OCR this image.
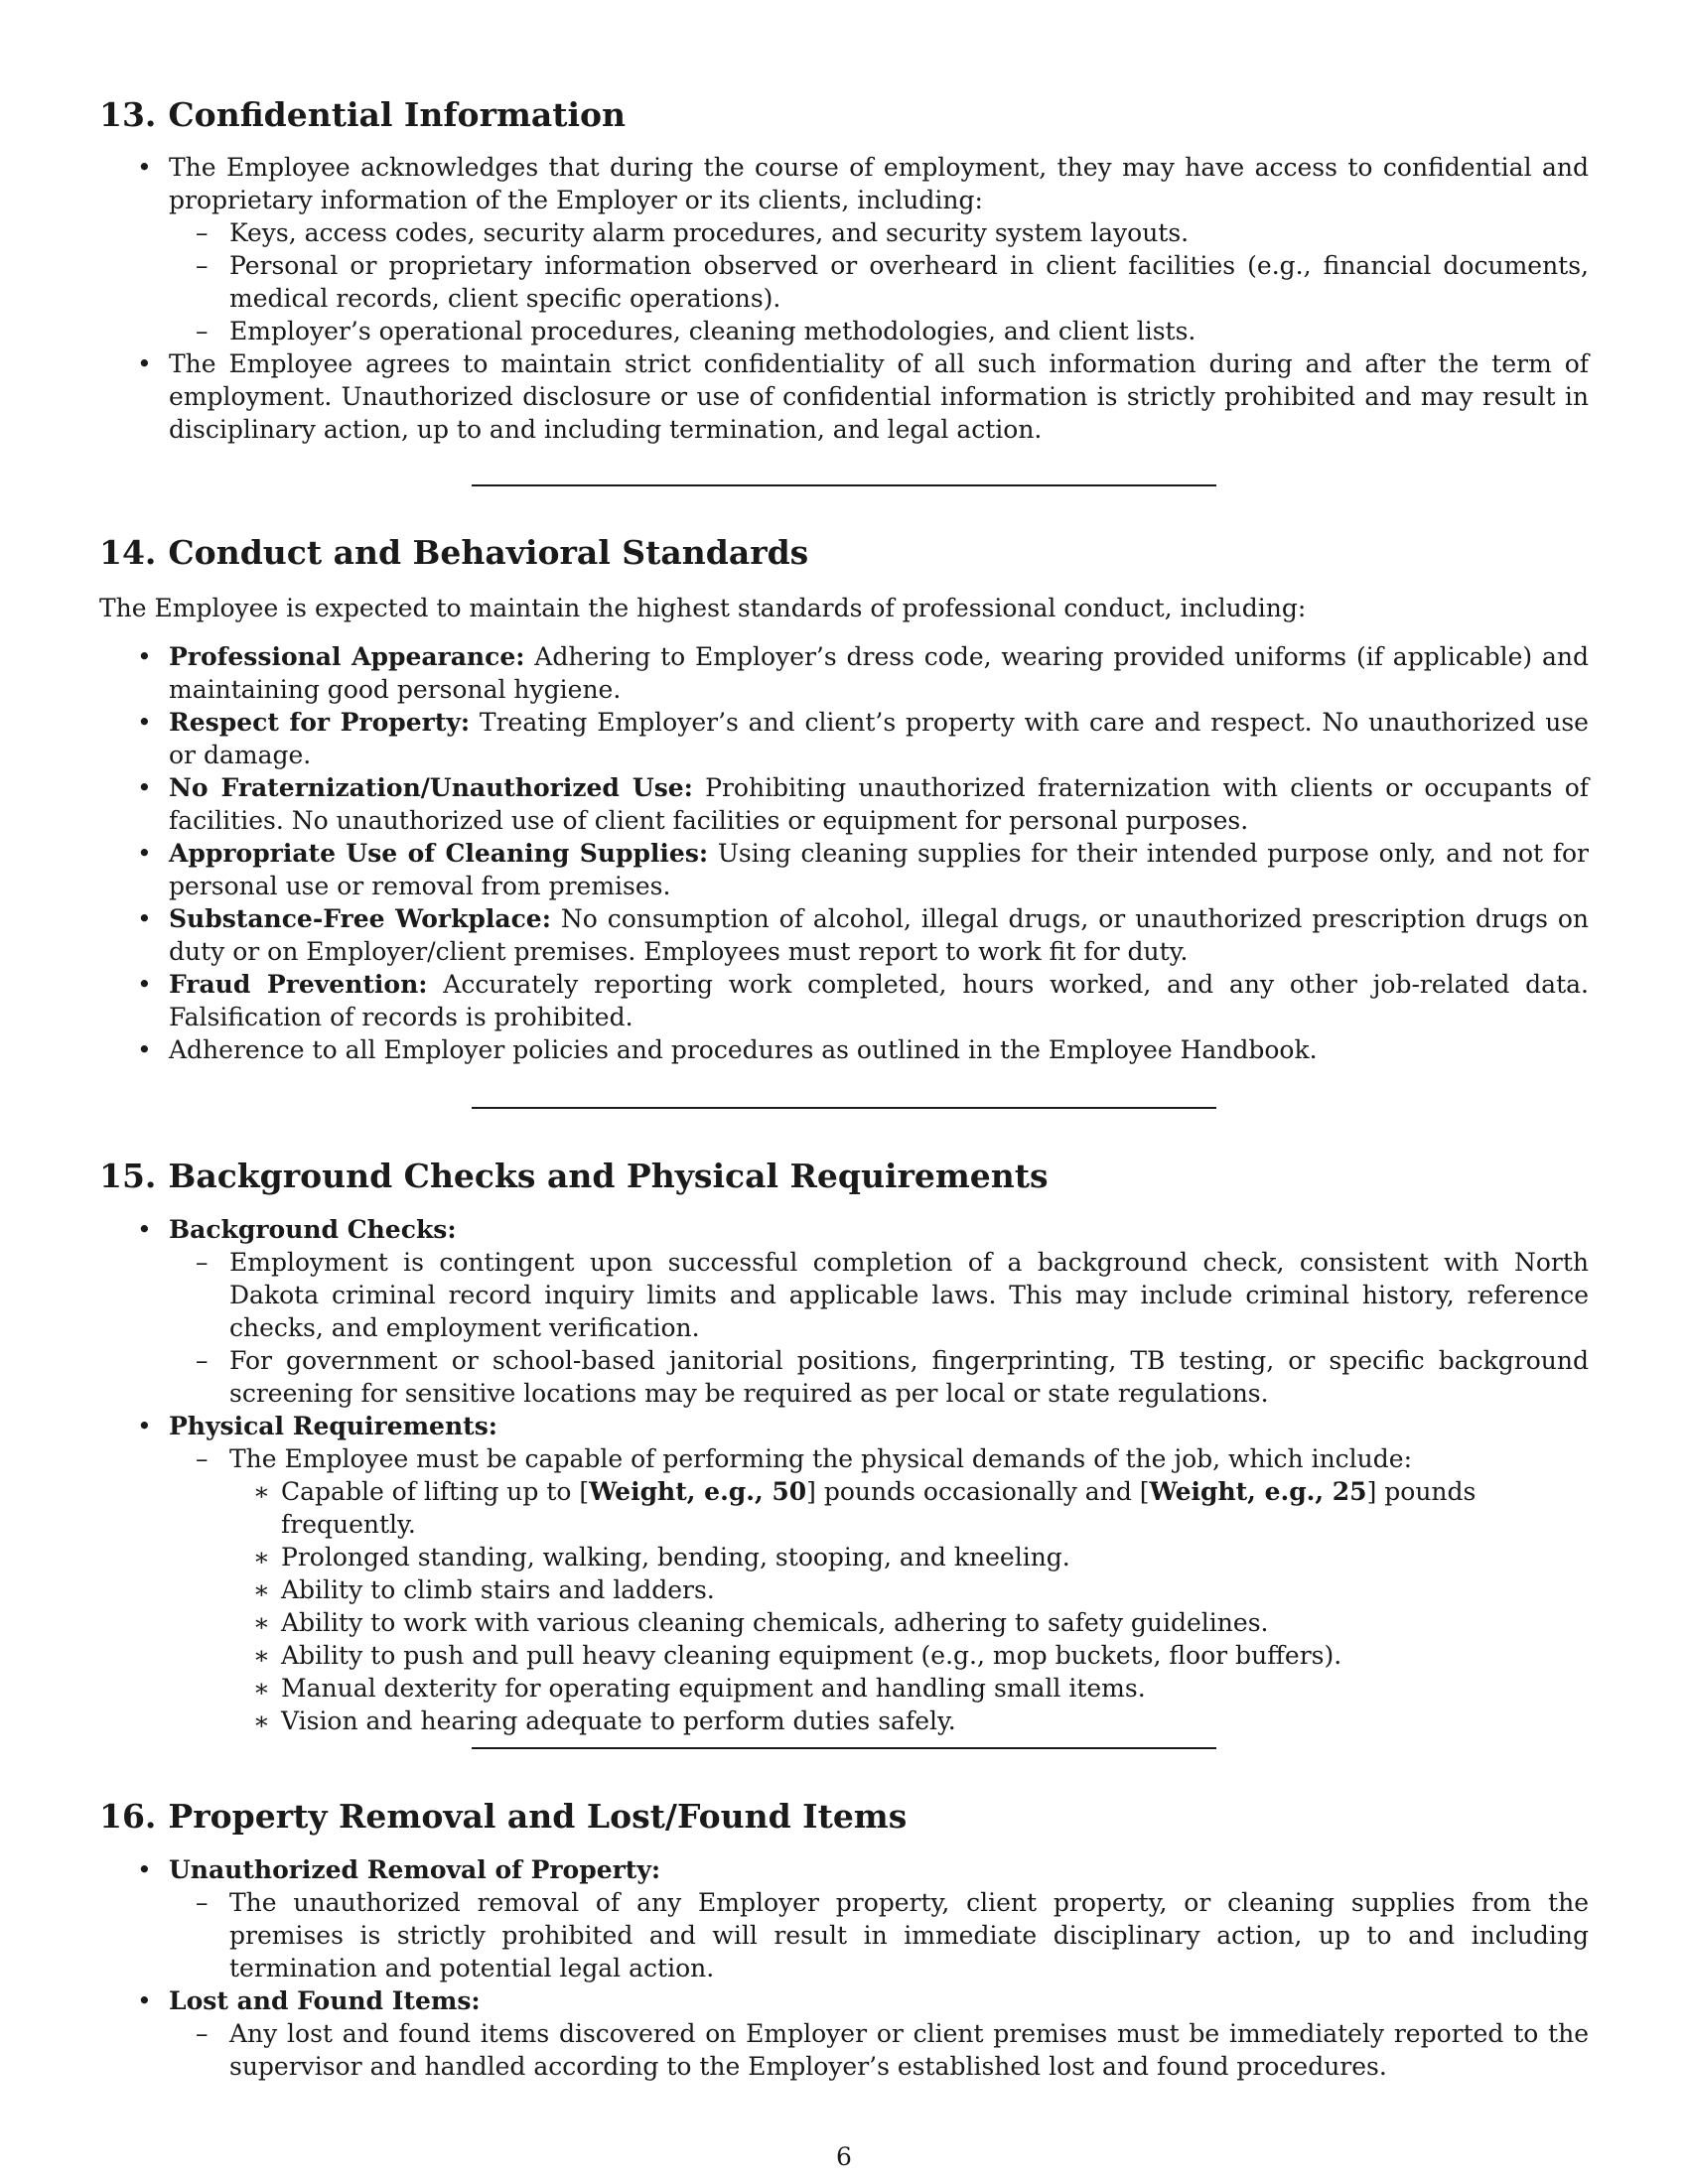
13. Confidential Information
• The Employee acknowledges that during the course of employment, they may have access to confidential and proprietary information of the Employer or its clients, including:
– Keys, access codes, security alarm procedures, and security system layouts.
– Personal or proprietary information observed or overheard in client facilities (e.g., financial documents, medical records, client specific operations).
– Employer’s operational procedures, cleaning methodologies, and client lists.
• The Employee agrees to maintain strict confidentiality of all such information during and after the term of employment. Unauthorized disclosure or use of confidential information is strictly prohibited and may result in disciplinary action, up to and including termination, and legal action.
14. Conduct and Behavioral Standards
The Employee is expected to maintain the highest standards of professional conduct, including:
• Professional Appearance: Adhering to Employer’s dress code, wearing provided uniforms (if applicable) and maintaining good personal hygiene.
• Respect for Property: Treating Employer’s and client’s property with care and respect. No unauthorized use or damage.
• No Fraternization/Unauthorized Use: Prohibiting unauthorized fraternization with clients or occupants of facilities. No unauthorized use of client facilities or equipment for personal purposes.
• Appropriate Use of Cleaning Supplies: Using cleaning supplies for their intended purpose only, and not for personal use or removal from premises.
• Substance-Free Workplace: No consumption of alcohol, illegal drugs, or unauthorized prescription drugs on duty or on Employer/client premises. Employees must report to work fit for duty.
• Fraud Prevention: Accurately reporting work completed, hours worked, and any other job-related data. Falsification of records is prohibited.
• Adherence to all Employer policies and procedures as outlined in the Employee Handbook.
15. Background Checks and Physical Requirements
• Background Checks:
– Employment is contingent upon successful completion of a background check, consistent with North Dakota criminal record inquiry limits and applicable laws. This may include criminal history, reference checks, and employment verification.
– For government or school-based janitorial positions, fingerprinting, TB testing, or specific background screening for sensitive locations may be required as per local or state regulations.
• Physical Requirements:
– The Employee must be capable of performing the physical demands of the job, which include:
∗ Capable of lifting up to [Weight, e.g., 50] pounds occasionally and [Weight, e.g., 25] pounds frequently.
∗ Prolonged standing, walking, bending, stooping, and kneeling.
∗ Ability to climb stairs and ladders.
∗ Ability to work with various cleaning chemicals, adhering to safety guidelines.
∗ Ability to push and pull heavy cleaning equipment (e.g., mop buckets, floor buffers).
∗ Manual dexterity for operating equipment and handling small items.
∗ Vision and hearing adequate to perform duties safely.
16. Property Removal and Lost/Found Items
• Unauthorized Removal of Property:
– The unauthorized removal of any Employer property, client property, or cleaning supplies from the premises is strictly prohibited and will result in immediate disciplinary action, up to and including termination and potential legal action.
• Lost and Found Items:
– Any lost and found items discovered on Employer or client premises must be immediately reported to the supervisor and handled according to the Employer’s established lost and found procedures.
6
